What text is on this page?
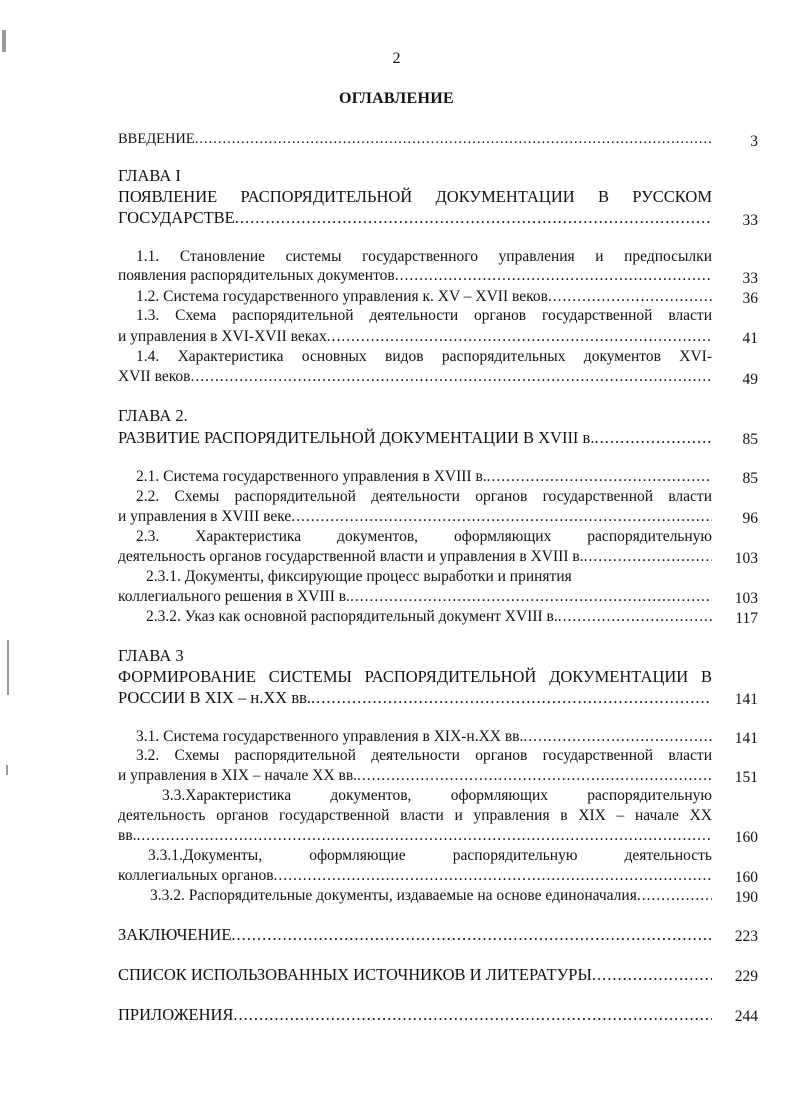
2
ОГЛАВЛЕНИЕ
ВВЕДЕНИЕ .....	3
ГЛАВА I
ПОЯВЛЕНИЕ РАСПОРЯДИТЕЛЬНОЙ ДОКУМЕНТАЦИИ В РУССКОМ
ГОСУДАРСТВЕ .....	33
1.1. Становление системы государственного управления и предпосылки
появления распорядительных документов .....	33
1.2. Система государственного управления к. XV – XVII веков .....	36
1.3. Схема распорядительной деятельности органов государственной власти
и управления в XVI-XVII веках .....	41
1.4. Характеристика основных видов распорядительных документов XVI-
XVII веков .....	49
ГЛАВА 2.
РАЗВИТИЕ РАСПОРЯДИТЕЛЬНОЙ ДОКУМЕНТАЦИИ В XVIII в. .....	85
2.1. Система государственного управления в XVIII в. .....	85
2.2. Схемы распорядительной деятельности органов государственной власти
и управления в XVIII веке .....	96
2.3. Характеристика документов, оформляющих распорядительную
деятельность органов государственной власти и управления в XVIII в. .....	103
2.3.1. Документы, фиксирующие процесс выработки и принятия
коллегиального решения в XVIII в. .....	103
2.3.2. Указ как основной распорядительный документ XVIII в. .....	117
ГЛАВА 3
ФОРМИРОВАНИЕ СИСТЕМЫ РАСПОРЯДИТЕЛЬНОЙ ДОКУМЕНТАЦИИ В
РОССИИ В XIX – н.XX вв. .....	141
3.1. Система государственного управления в XIX-н.XX вв. .....	141
3.2. Схемы распорядительной деятельности органов государственной власти
и управления в XIX – начале XX вв. .....	151
3.3.Характеристика документов, оформляющих распорядительную
деятельность органов государственной власти и управления в XIX – начале XX
вв. .....	160
3.3.1.Документы, оформляющие распорядительную деятельность
коллегиальных органов .....	160
3.3.2. Распорядительные документы, издаваемые на основе единоначалия .....	190
ЗАКЛЮЧЕНИЕ .....	223
СПИСОК ИСПОЛЬЗОВАННЫХ ИСТОЧНИКОВ И ЛИТЕРАТУРЫ .....	229
ПРИЛОЖЕНИЯ .....	244
